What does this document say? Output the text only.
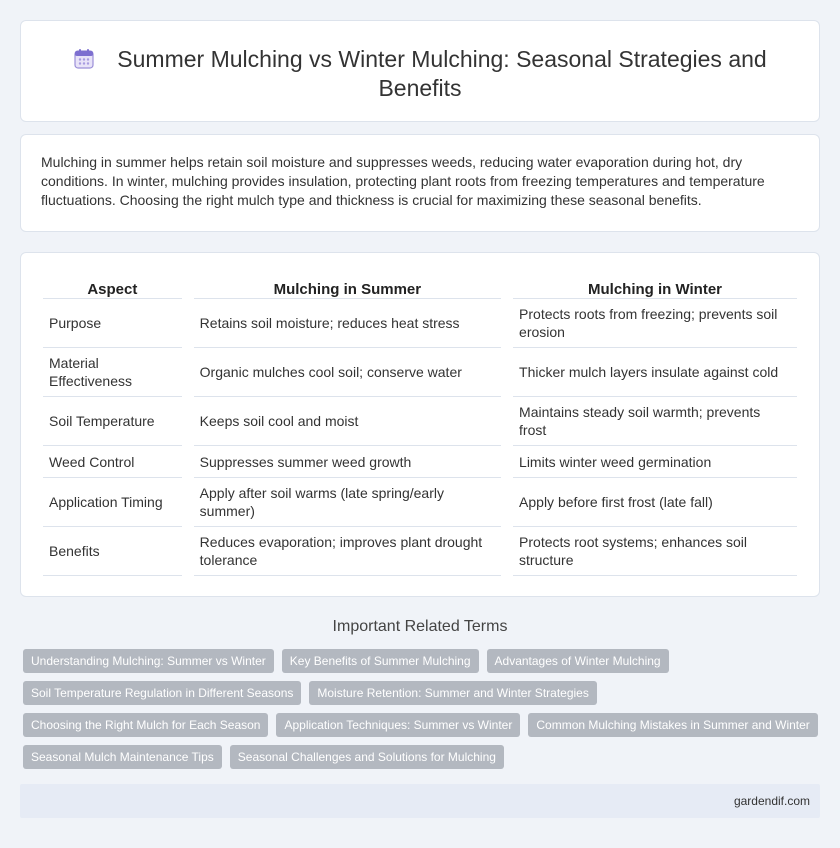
Summer Mulching vs Winter Mulching: Seasonal Strategies and Benefits

Mulching in summer helps retain soil moisture and suppresses weeds, reducing water evaporation during hot, dry conditions. In winter, mulching provides insulation, protecting plant roots from freezing temperatures and temperature fluctuations. Choosing the right mulch type and thickness is crucial for maximizing these seasonal benefits.

Aspect		Mulching in Summer		Mulching in Winter
Purpose		Retains soil moisture; reduces heat stress		Protects roots from freezing; prevents soil erosion
Material Effectiveness		Organic mulches cool soil; conserve water		Thicker mulch layers insulate against cold
Soil Temperature		Keeps soil cool and moist		Maintains steady soil warmth; prevents frost
Weed Control		Suppresses summer weed growth		Limits winter weed germination
Application Timing		Apply after soil warms (late spring/early summer)		Apply before first frost (late fall)
Benefits		Reduces evaporation; improves plant drought tolerance		Protects root systems; enhances soil structure
Important Related Terms
Understanding Mulching: Summer vs Winter	Key Benefits of Summer Mulching	Advantages of Winter Mulching
Soil Temperature Regulation in Different Seasons	Moisture Retention: Summer and Winter Strategies
Choosing the Right Mulch for Each Season	Application Techniques: Summer vs Winter	Common Mulching Mistakes in Summer and Winter
Seasonal Mulch Maintenance Tips	Seasonal Challenges and Solutions for Mulching
gardendif.com
